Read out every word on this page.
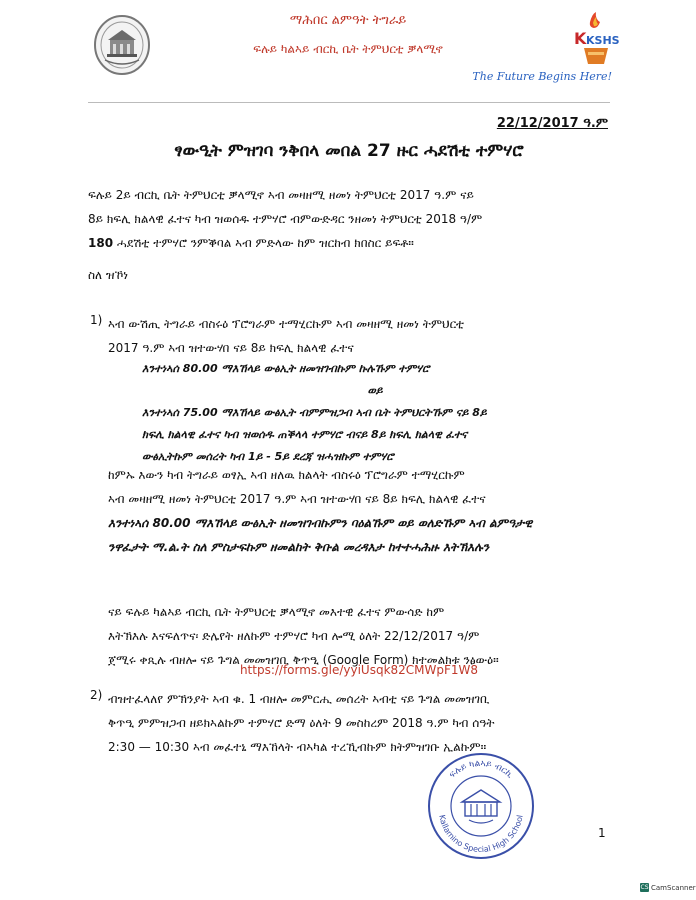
ማሕበር ልምዓት ትግራይ
ፍሉይ ካልኣይ ብርኪ ቤት ትምህርቲ ቓላሚኖ
K KSHS
The Future Begins Here!
22/12/2017 ዓ.ም
ፃውዒት ምዝገባ ንቅበላ መበል 27 ዙር ሓደሽቲ ተምሃሮ
ፍሉይ 2ይ ብርኪ ቤት ትምህርቲ ቓላሚኖ ኣብ መዛዘሚ ዘመነ ትምህርቲ 2017 ዓ.ም ናይ
8ይ ክፍሊ ክልላዊ ፈተና ካብ ዝወሰዱ ተምሃሮ ብምውድዳር ንዘመነ ትምህርቲ 2018 ዓ/ም
180 ሓደሽቲ ተምሃሮ ንምቕባል ኣብ ምድላው ከም ዝርከብ ክበስር ይፍቶ።
ስለ ዝኾነ
1) ኣብ ውሽጢ ትግራይ ብስሩዕ ፕሮግራም ተማሂርኩም ኣብ መዛዘሚ ዘመነ ትምህርቲ
2017 ዓ.ም ኣብ ዝተውሃበ ናይ 8ይ ክፍሊ ክልላዊ ፈተና
እንተነኣሰ 80.00 ማእኸላይ ውፅኢት ዘመዝገብኩም ኩሉኹም ተምሃሮ
ወይ
እንተነኣሰ 75.00 ማእኸላይ ውፅኢት ብምምዝጋብ ኣብ ቤት ትምህርትኹም ናይ 8ይ
ክፍሊ ክልላዊ ፈተና ካብ ዝወሰዱ ጠቕላላ ተምሃሮ ብናይ 8ይ ክፍሊ ክልላዊ ፈተና
ውፅኢትኩም መሰረት ካብ 1ይ - 5ይ ደረጃ ዝሓዝኩም ተምሃሮ
ከምኡ እውን ካብ ትግራይ ወፃኢ ኣብ ዘለዉ ክልላት ብስሩዕ ፕሮግራም ተማሂርኩም
ኣብ መዛዘሚ ዘመነ ትምህርቲ 2017 ዓ.ም ኣብ ዝተውሃበ ናይ 8ይ ክፍሊ ክልላዊ ፈተና
እንተነኣሰ 80.00 ማእኸላይ ውፅኢት ዘመዝገብኩምን ባዕልኹም ወይ ወለድኹም ኣብ ልምዓታዊ
ንዋፈታት ማ.ል.ት ስለ ምስታፍኩም ዘመልከት ቅቡል መረዳእታ ከተተሓሕዙ እትኽእሉን
ናይ ፍሉይ ካልኣይ ብርኪ ቤት ትምህርቲ ቓላሚኖ መእተዊ ፈተና ምውሳድ ከም
እትኽእሉ እናፍለጥና፡ ድሌየት ዘለኩም ተምሃሮ ካብ ሎሚ ዕለት 22/12/2017 ዓ/ም
ጀሚሩ ቀጺሉ ብዘሎ ናይ ጉግል መመዝገቢ ቅጥዒ (Google Form) ክተመልክቱ ንፅውዕ።
https://forms.gle/yyiUsqk82CMWpF1W8
2) ብዝተፈላለየ ምኽንያት ኣብ ቁ. 1 ብዘሎ መምርሒ መሰረት ኣብቲ ናይ ጉግል መመዝገቢ
ቅጥዒ ምምዝጋብ ዘይክኣልኩም ተምሃሮ ድማ ዕለት 9 መስከረም 2018 ዓ.ም ካብ ሰዓት
2:30 — 10:30 ኣብ መፈተኒ ማእኸላት ብኣካል ተረኺብኩም ክትምዝገቡ ኢልኩም።
ፍሉይ ካልኣይ ብርኪ
Kallamino Special High School
1
CS CamScanner
